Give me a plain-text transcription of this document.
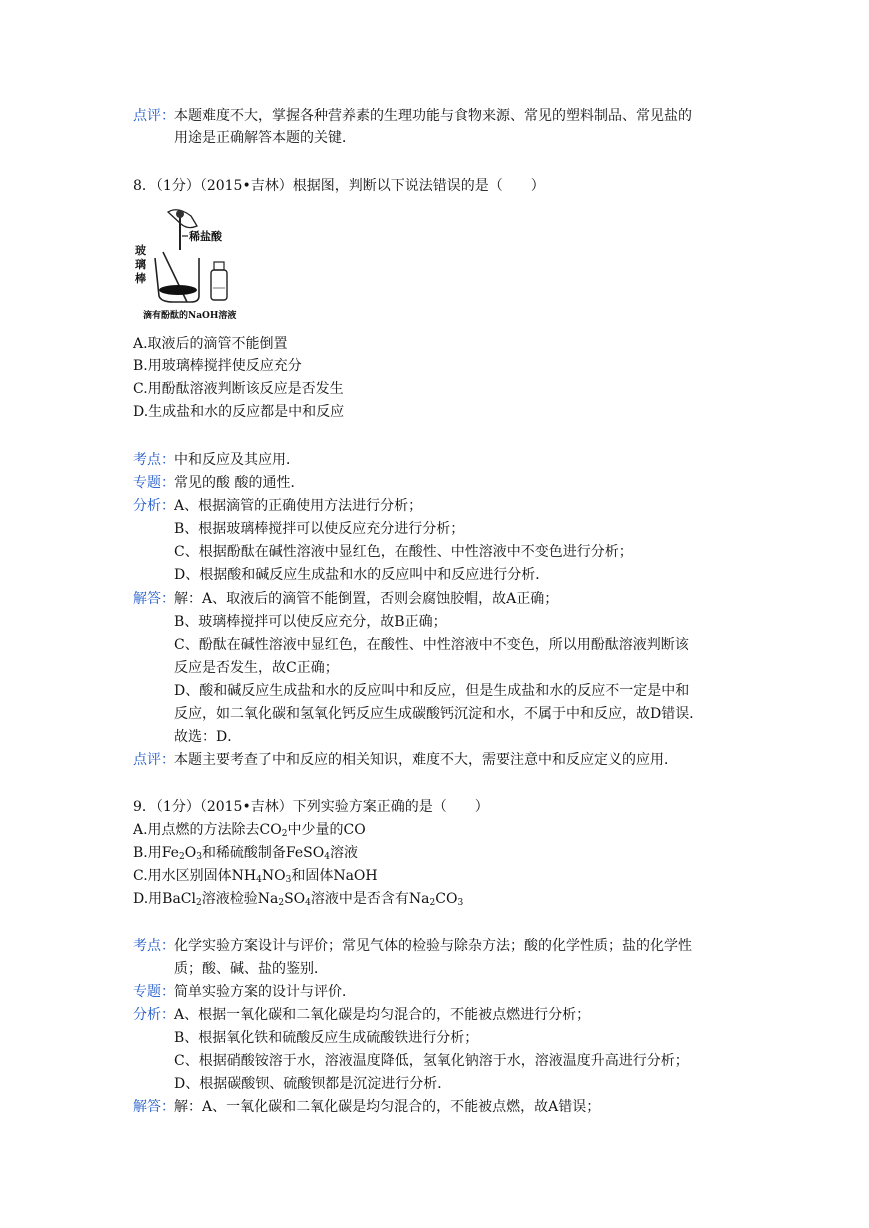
点评： 本题难度不大，掌握各种营养素的生理功能与食物来源、常见的塑料制品、常见盐的
用途是正确解答本题的关键．
8．（1分）（2015•吉林）根据图，判断以下说法错误的是（　　）
玻
璃
棒
稀盐酸
滴有酚酞的NaOH溶液
A.取液后的滴管不能倒置
B.用玻璃棒搅拌使反应充分
C.用酚酞溶液判断该反应是否发生
D.生成盐和水的反应都是中和反应
考点： 中和反应及其应用．
专题： 常见的酸 酸的通性．
分析： A、根据滴管的正确使用方法进行分析；
B、根据玻璃棒搅拌可以使反应充分进行分析；
C、根据酚酞在碱性溶液中显红色，在酸性、中性溶液中不变色进行分析；
D、根据酸和碱反应生成盐和水的反应叫中和反应进行分析．
解答： 解：A、取液后的滴管不能倒置，否则会腐蚀胶帽，故A正确；
B、玻璃棒搅拌可以使反应充分，故B正确；
C、酚酞在碱性溶液中显红色，在酸性、中性溶液中不变色，所以用酚酞溶液判断该
反应是否发生，故C正确；
D、酸和碱反应生成盐和水的反应叫中和反应，但是生成盐和水的反应不一定是中和
反应，如二氧化碳和氢氧化钙反应生成碳酸钙沉淀和水，不属于中和反应，故D错误．
故选：D．
点评： 本题主要考查了中和反应的相关知识，难度不大，需要注意中和反应定义的应用．
9．（1分）（2015•吉林）下列实验方案正确的是（　　）
A.用点燃的方法除去$CO_2$中少量的CO
B.用$Fe_2O_3$和稀硫酸制备FeSO$_4$溶液
C.用水区别固体$NH_4NO_3$和固体NaOH
D.用BaCl$_2$溶液检验$Na_2SO_4$溶液中是否含有$Na_2CO_3$
考点： 化学实验方案设计与评价；常见气体的检验与除杂方法；酸的化学性质；盐的化学性
质；酸、碱、盐的鉴别．
专题： 简单实验方案的设计与评价．
分析： A、根据一氧化碳和二氧化碳是均匀混合的，不能被点燃进行分析；
B、根据氧化铁和硫酸反应生成硫酸铁进行分析；
C、根据硝酸铵溶于水，溶液温度降低，氢氧化钠溶于水，溶液温度升高进行分析；
D、根据碳酸钡、硫酸钡都是沉淀进行分析．
解答： 解：A、一氧化碳和二氧化碳是均匀混合的，不能被点燃，故A错误；
